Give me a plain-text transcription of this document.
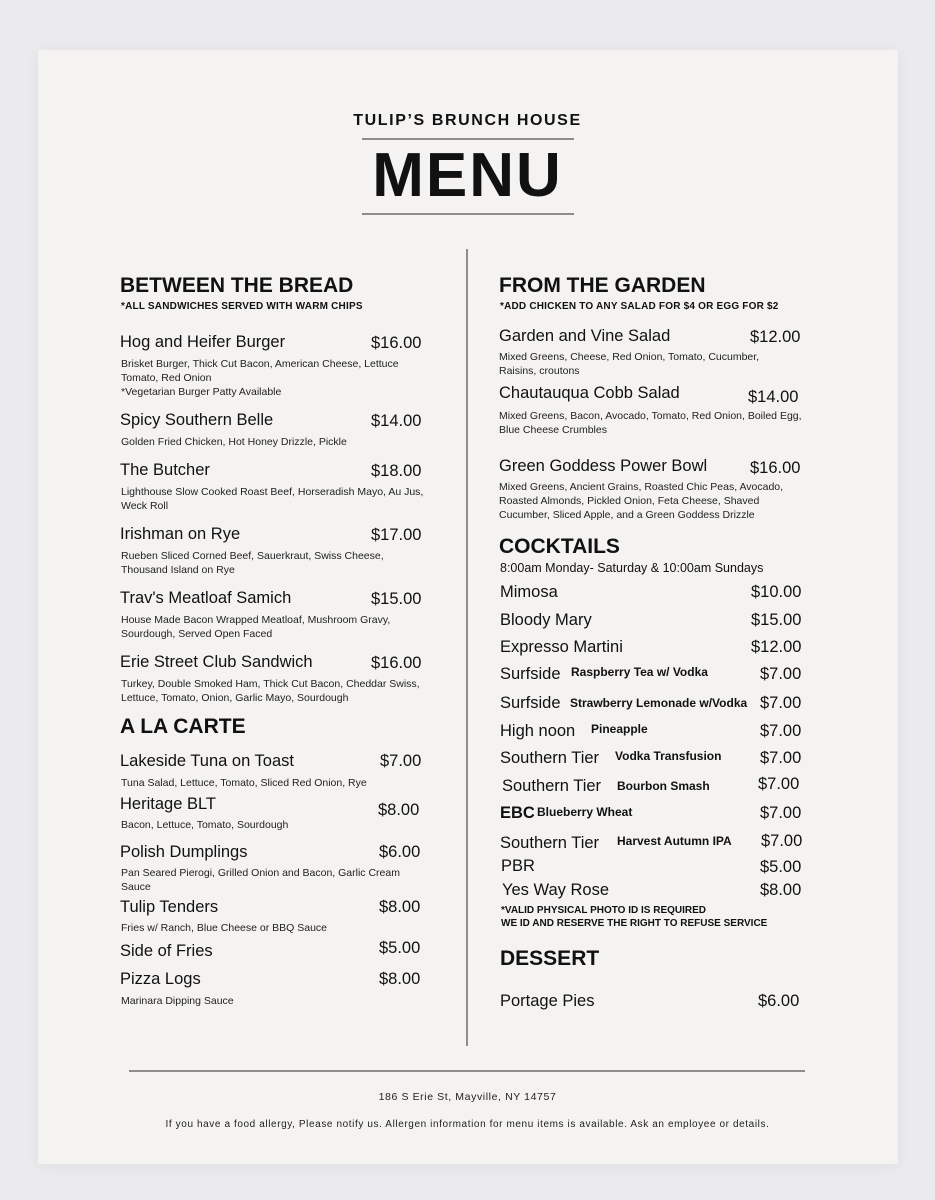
TULIP’S BRUNCH HOUSE
MENU
BETWEEN THE BREAD
*ALL SANDWICHES SERVED WITH WARM CHIPS
Hog and Heifer Burger	$16.00
Brisket Burger, Thick Cut Bacon, American Cheese, Lettuce Tomato, Red Onion
*Vegetarian Burger Patty Available
Spicy Southern Belle	$14.00
Golden Fried Chicken, Hot Honey Drizzle, Pickle
The Butcher	$18.00
Lighthouse Slow Cooked Roast Beef, Horseradish Mayo, Au Jus, Weck Roll
Irishman on Rye	$17.00
Rueben Sliced Corned Beef, Sauerkraut, Swiss Cheese, Thousand Island on Rye
Trav's Meatloaf Samich	$15.00
House Made Bacon Wrapped Meatloaf, Mushroom Gravy, Sourdough, Served Open Faced
Erie Street Club Sandwich	$16.00
Turkey, Double Smoked Ham, Thick Cut Bacon, Cheddar Swiss, Lettuce, Tomato, Onion, Garlic Mayo, Sourdough
A LA CARTE
Lakeside Tuna on Toast	$7.00
Tuna Salad, Lettuce, Tomato, Sliced Red Onion, Rye
Heritage BLT	$8.00
Bacon, Lettuce, Tomato, Sourdough
Polish Dumplings	$6.00
Pan Seared Pierogi, Grilled Onion and Bacon, Garlic Cream Sauce
Tulip Tenders	$8.00
Fries w/ Ranch, Blue Cheese or BBQ Sauce
Side of Fries	$5.00
Pizza Logs	$8.00
Marinara Dipping Sauce
FROM THE GARDEN
*ADD CHICKEN TO ANY SALAD FOR $4 OR EGG FOR $2
Garden and Vine Salad	$12.00
Mixed Greens, Cheese, Red Onion, Tomato, Cucumber, Raisins, croutons
Chautauqua Cobb Salad	$14.00
Mixed Greens, Bacon, Avocado, Tomato, Red Onion, Boiled Egg, Blue Cheese Crumbles
Green Goddess Power Bowl	$16.00
Mixed Greens, Ancient Grains, Roasted Chic Peas, Avocado, Roasted Almonds, Pickled Onion, Feta Cheese, Shaved Cucumber, Sliced Apple, and a Green Goddess Drizzle
COCKTAILS
8:00am Monday- Saturday & 10:00am Sundays
Mimosa	$10.00
Bloody Mary	$15.00
Expresso Martini	$12.00
Surfside Raspberry Tea w/ Vodka	$7.00
Surfside Strawberry Lemonade w/Vodka $7.00
High noon Pineapple	$7.00
Southern Tier Vodka Transfusion $7.00
Southern Tier Bourbon Smash	$7.00
EBC Blueberry Wheat	$7.00
Southern Tier Harvest Autumn IPA $7.00
PBR	$5.00
Yes Way Rose	$8.00
*VALID PHYSICAL PHOTO ID IS REQUIRED
WE ID AND RESERVE THE RIGHT TO REFUSE SERVICE
DESSERT
Portage Pies	$6.00
186 S Erie St, Mayville, NY 14757
If you have a food allergy, Please notify us. Allergen information for menu items is available. Ask an employee or details.
